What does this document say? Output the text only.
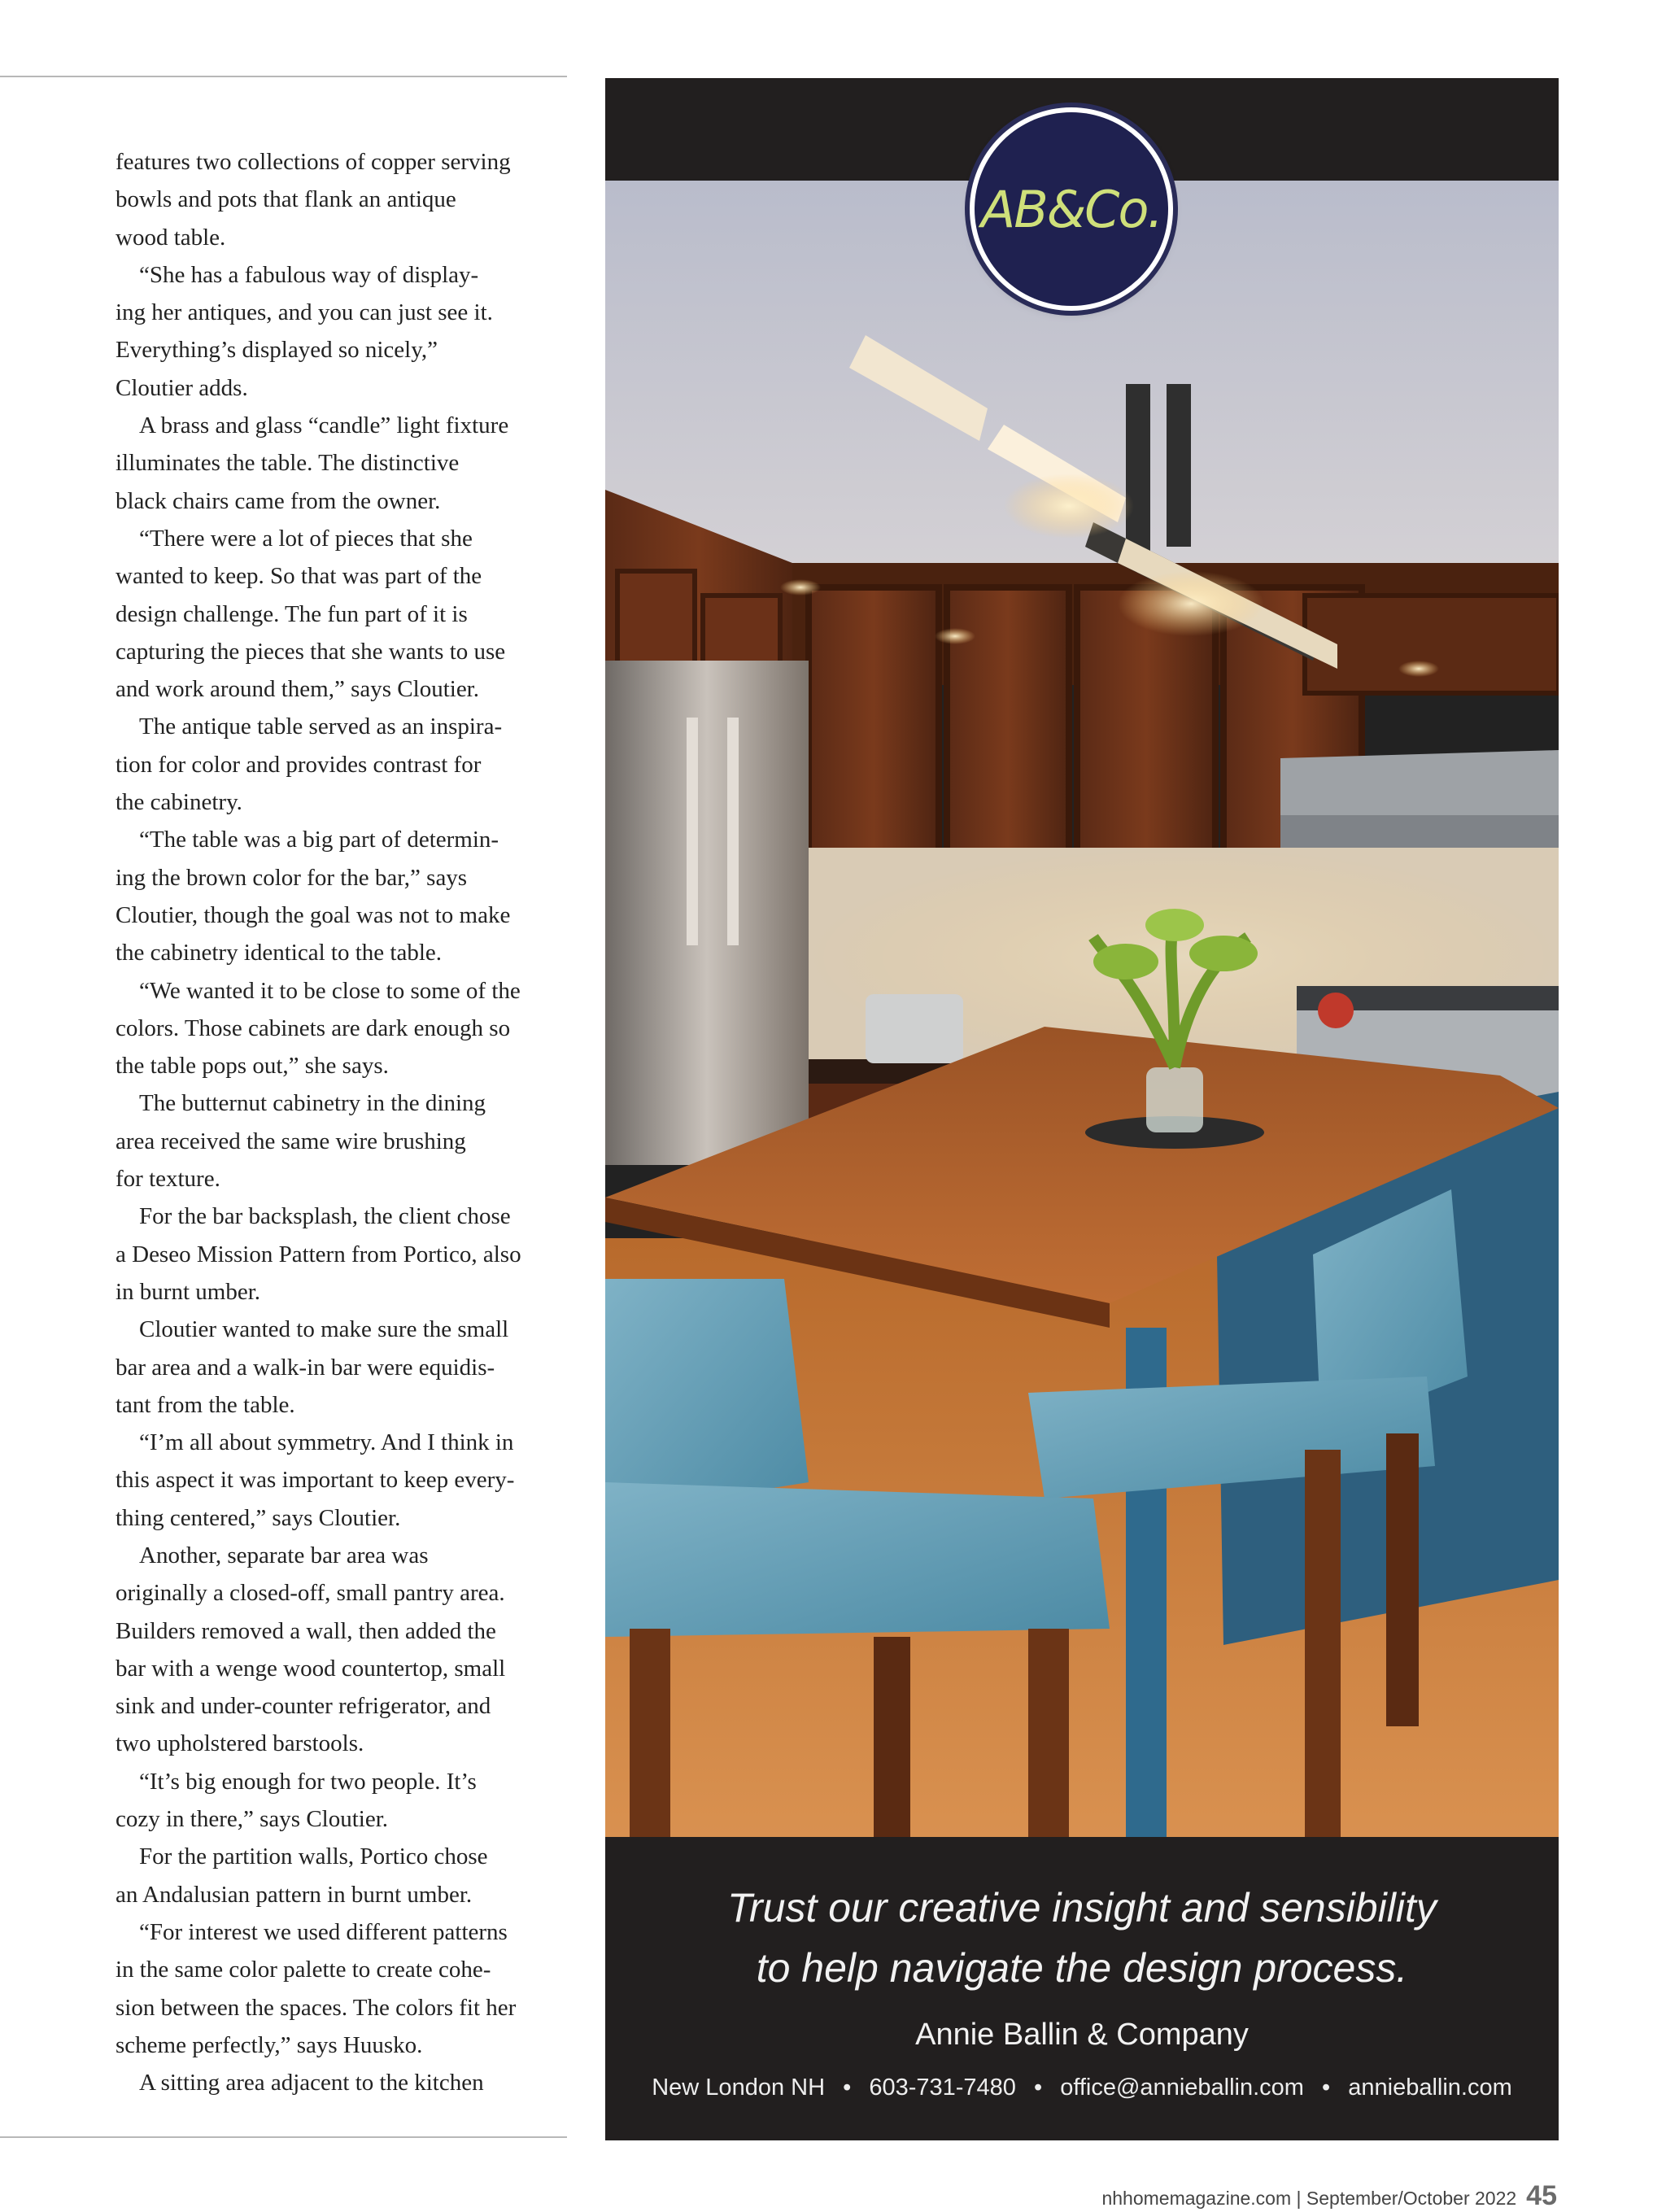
features two collections of copper serving
bowls and pots that flank an antique
wood table.
“She has a fabulous way of display-
ing her antiques, and you can just see it.
Everything’s displayed so nicely,”
Cloutier adds.
A brass and glass “candle” light fixture
illuminates the table. The distinctive
black chairs came from the owner.
“There were a lot of pieces that she
wanted to keep. So that was part of the
design challenge. The fun part of it is
capturing the pieces that she wants to use
and work around them,” says Cloutier.
The antique table served as an inspira-
tion for color and provides contrast for
the cabinetry.
“The table was a big part of determin-
ing the brown color for the bar,” says
Cloutier, though the goal was not to make
the cabinetry identical to the table.
“We wanted it to be close to some of the
colors. Those cabinets are dark enough so
the table pops out,” she says.
The butternut cabinetry in the dining
area received the same wire brushing
for texture.
For the bar backsplash, the client chose
a Deseo Mission Pattern from Portico, also
in burnt umber.
Cloutier wanted to make sure the small
bar area and a walk-in bar were equidis-
tant from the table.
“I’m all about symmetry. And I think in
this aspect it was important to keep every-
thing centered,” says Cloutier.
Another, separate bar area was
originally a closed-off, small pantry area.
Builders removed a wall, then added the
bar with a wenge wood countertop, small
sink and under-counter refrigerator, and
two upholstered barstools.
“It’s big enough for two people. It’s
cozy in there,” says Cloutier.
For the partition walls, Portico chose
an Andalusian pattern in burnt umber.
“For interest we used different patterns
in the same color palette to create cohe-
sion between the spaces. The colors fit her
scheme perfectly,” says Huusko.
A sitting area adjacent to the kitchen
AB&Co.
Trust our creative insight and sensibility
to help navigate the design process.
Annie Ballin & Company
New London NH • 603-731-7480 • office@annieballin.com • annieballin.com
nhhomemagazine.com | September/October 2022 45
